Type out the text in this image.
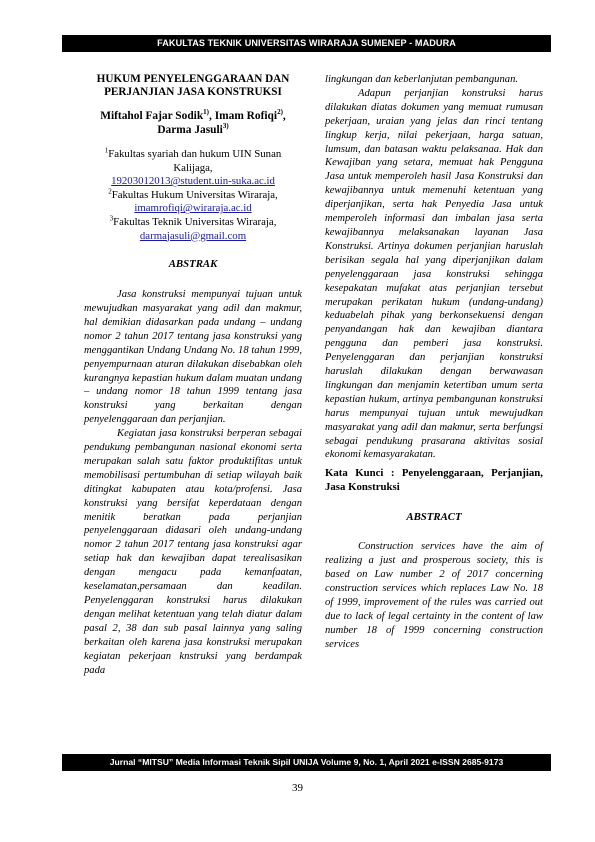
FAKULTAS TEKNIK UNIVERSITAS WIRARAJA SUMENEP - MADURA
HUKUM PENYELENGGARAAN DAN PERJANJIAN JASA KONSTRUKSI
Miftahol Fajar Sodik$^{1)}$, Imam Rofiqi$^{2)}$,
Darma Jasuli$^{3)}$
$^1$Fakultas syariah dan hukum UIN Sunan Kalijaga,
19203012013@student.uin-suka.ac.id
$^2$Fakultas Hukum Universitas Wiraraja,
imamrofiqi@wiraraja.ac.id
$^3$Fakultas Teknik Universitas Wiraraja,
darmajasuli@gmail.com
ABSTRAK

Jasa konstruksi mempunyai tujuan untuk mewujudkan masyarakat yang adil dan makmur, hal demikian didasarkan pada undang – undang nomor 2 tahun 2017 tentang jasa konstruksi yang menggantikan Undang Undang No. 18 tahun 1999, penyempurnaan aturan dilakukan disebabkan oleh kurangnya kepastian hukum dalam muatan undang – undang nomor 18 tahun 1999 tentang jasa konstruksi yang berkaitan dengan penyelenggaraan dan perjanjian.

Kegiatan jasa konstruksi berperan sebagai pendukung pembangunan nasional ekonomi serta merupakan salah satu faktor produktifitas untuk memobilisasi pertumbuhan di setiap wilayah baik ditingkat kabupaten atau kota/profensi. Jasa konstruksi yang bersifat keperdataan dengan menitik beratkan pada perjanjian penyelenggaraan didasari oleh undang-undang nomor 2 tahun 2017 tentang jasa konstruksi agar setiap hak dan kewajiban dapat terealisasikan dengan mengacu pada kemanfaatan, keselamatan,persamaan dan keadilan. Penyelenggaran konstruksi harus dilakukan dengan melihat ketentuan yang telah diatur dalam pasal 2, 38 dan sub pasal lainnya yang saling berkaitan oleh karena jasa konstruksi merupakan kegiatan pekerjaan knstruksi yang berdampak pada

lingkungan dan keberlanjutan pembangunan.

Adapun perjanjian konstruksi harus dilakukan diatas dokumen yang memuat rumusan pekerjaan, uraian yang jelas dan rinci tentang lingkup kerja, nilai pekerjaan, harga satuan, lumsum, dan batasan waktu pelaksanaa. Hak dan Kewajiban yang setara, memuat hak Pengguna Jasa untuk memperoleh hasil Jasa Konstruksi dan kewajibannya untuk memenuhi ketentuan yang diperjanjikan, serta hak Penyedia Jasa untuk memperoleh informasi dan imbalan jasa serta kewajibannya melaksanakan layanan Jasa Konstruksi. Artinya dokumen perjanjian haruslah berisikan segala hal yang diperjanjikan dalam penyelenggaraan jasa konstruksi sehingga kesepakatan mufakat atas perjanjian tersebut merupakan perikatan hukum (undang-undang) keduabelah pihak yang berkonsekuensi dengan penyandangan hak dan kewajiban diantara pengguna dan pemberi jasa konstruksi. Penyelenggaran dan perjanjian konstruksi haruslah dilakukan dengan berwawasan lingkungan dan menjamin ketertiban umum serta kepastian hukum, artinya pembangunan konstruksi harus mempunyai tujuan untuk mewujudkan masyarakat yang adil dan makmur, serta berfungsi sebagai pendukung prasarana aktivitas sosial ekonomi kemasyarakatan.

Kata Kunci : Penyelenggaraan, Perjanjian, Jasa Konstruksi

ABSTRACT

Construction services have the aim of realizing a just and prosperous society, this is based on Law number 2 of 2017 concerning construction services which replaces Law No. 18 of 1999, improvement of the rules was carried out due to lack of legal certainty in the content of law number 18 of 1999 concerning construction services

Jurnal “MITSU” Media Informasi Teknik Sipil UNIJA Volume 9, No. 1, April 2021 e-ISSN 2685-9173
39
